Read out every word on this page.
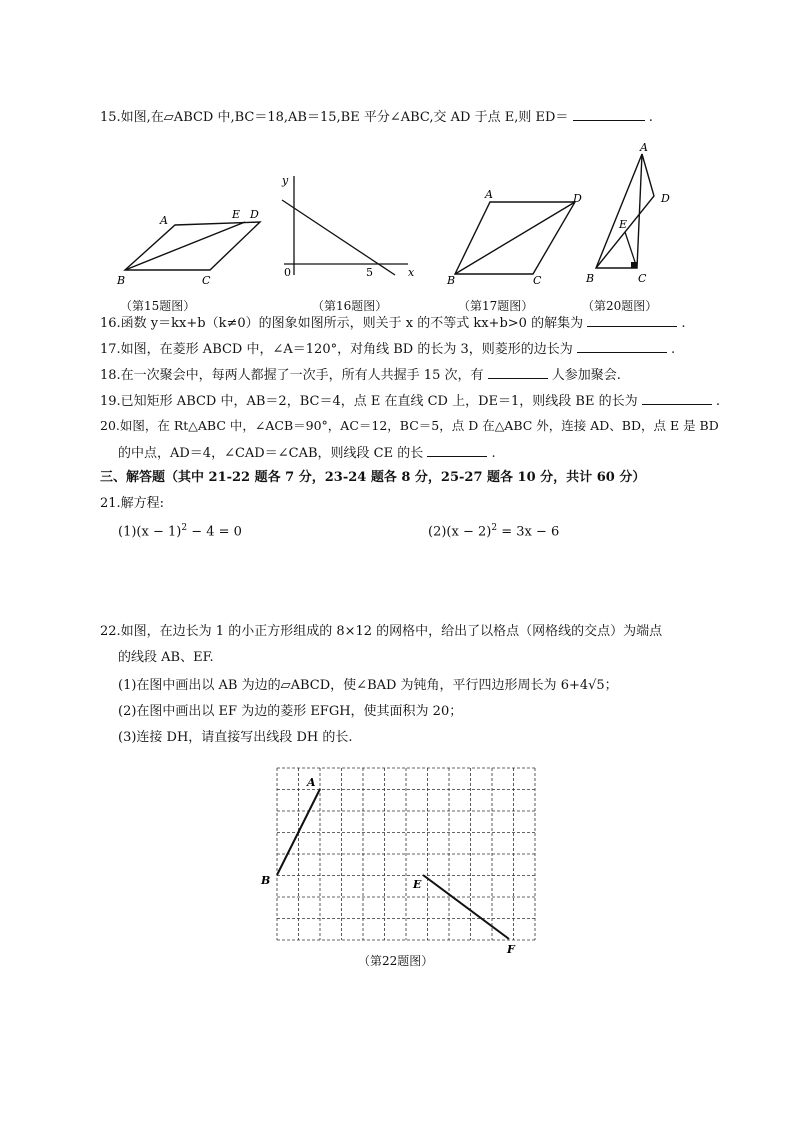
15.如图,在▱ABCD 中,BC＝18,AB＝15,BE 平分∠ABC,交 AD 于点 E,则 ED＝	.
A	E D
B	C
（第15题图）
y
0	5	x
（第16题图）
A	D
B	C
（第17题图）
A
D
E
B	C
（第20题图）
16.函数 y＝kx+b（k≠0）的图象如图所示，则关于 x 的不等式 kx+b>0 的解集为	.
17.如图，在菱形 ABCD 中，∠A＝120°，对角线 BD 的长为 3，则菱形的边长为	.
18.在一次聚会中，每两人都握了一次手，所有人共握手 15 次，有	人参加聚会.
19.已知矩形 ABCD 中，AB＝2，BC＝4，点 E 在直线 CD 上，DE＝1，则线段 BE 的长为	.
20.如图，在 Rt△ABC 中，∠ACB＝90°，AC＝12，BC＝5，点 D 在△ABC 外，连接 AD、BD，点 E 是 BD
的中点，AD＝4，∠CAD＝∠CAB，则线段 CE 的长	.
三、解答题（其中 21-22 题各 7 分，23-24 题各 8 分，25-27 题各 10 分，共计 60 分）
21.解方程:
$(1)(x - 1)^2 - 4 = 0$	$(2)(x - 2)^2 = 3x - 6$
22.如图，在边长为 1 的小正方形组成的 8×12 的网格中，给出了以格点（网格线的交点）为端点
的线段 AB、EF.
(1)在图中画出以 AB 为边的▱ABCD，使∠BAD 为钝角，平行四边形周长为 6+4√5；
(2)在图中画出以 EF 为边的菱形 EFGH，使其面积为 20；
(3)连接 DH，请直接写出线段 DH 的长.
A
B	E
F
（第22题图）
